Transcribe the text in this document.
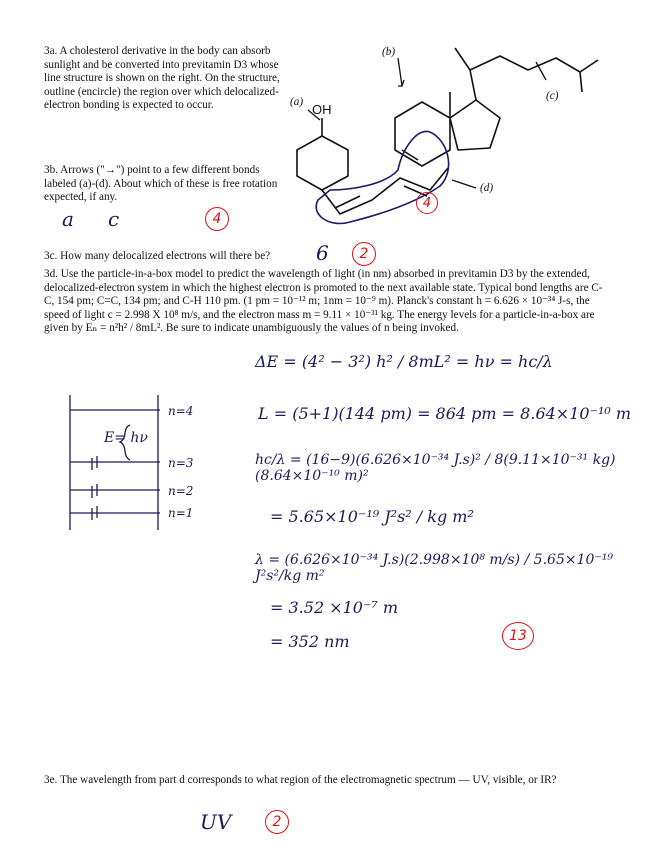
3a. A cholesterol derivative in the body can absorb sunlight and be converted into previtamin D3 whose line structure is shown on the right. On the structure, outline (encircle) the region over which delocalized-electron bonding is expected to occur.	(a)
(b)
(c)
(d)
OH
4
3b. Arrows ("→") point to a few different bonds labeled (a)-(d). About which of these is free rotation expected, if any.
a c	4
3c. How many delocalized electrons will there be?	6	2
3d. Use the particle-in-a-box model to predict the wavelength of light (in nm) absorbed in previtamin D3 by the extended, delocalized-electron system in which the highest electron is promoted to the next available state. Typical bond lengths are C-C, 154 pm; C=C, 134 pm; and C-H 110 pm. (1 pm = 10⁻¹² m; 1nm = 10⁻⁹ m). Planck's constant h = 6.626 × 10⁻³⁴ J-s, the speed of light c = 2.998 X 10⁸ m/s, and the electron mass m = 9.11 × 10⁻³¹ kg. The energy levels for a particle-in-a-box are given by Eₙ = n²h² / 8mL². Be sure to indicate unambiguously the values of n being invoked.
E= hν
n=4
n=3
n=2
n=1
ΔE = (4² − 3²) h² / 8mL² = hν = hc/λ
L = (5+1)(144 pm) = 864 pm = 8.64×10⁻¹⁰ m
hc/λ = (16−9)(6.626×10⁻³⁴ J.s)² / 8(9.11×10⁻³¹ kg)(8.64×10⁻¹⁰ m)²
= 5.65×10⁻¹⁹ J²s² / kg m²
λ = (6.626×10⁻³⁴ J.s)(2.998×10⁸ m/s) / 5.65×10⁻¹⁹ J²s²/kg m²
= 3.52 ×10⁻⁷ m
= 352 nm	13
3e. The wavelength from part d corresponds to what region of the electromagnetic spectrum — UV, visible, or IR?
UV	2
